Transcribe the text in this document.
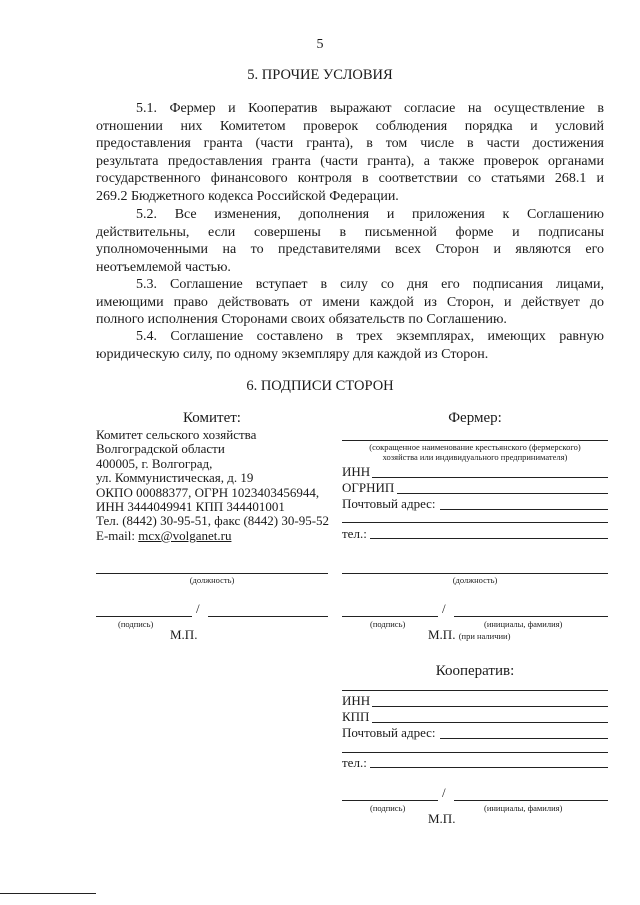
5
5. ПРОЧИЕ УСЛОВИЯ
5.1. Фермер и Кооператив выражают согласие на осуществление в
отношении них Комитетом проверок соблюдения порядка и условий
предоставления гранта (части гранта), в том числе в части достижения
результата предоставления гранта (части гранта), а также проверок органами
государственного финансового контроля в соответствии со статьями 268.1 и
269.2 Бюджетного кодекса Российской Федерации.
5.2. Все изменения, дополнения и приложения к Соглашению
действительны, если совершены в письменной форме и подписаны
уполномоченными на то представителями всех Сторон и являются его
неотъемлемой частью.
5.3. Соглашение вступает в силу со дня его подписания лицами,
имеющими право действовать от имени каждой из Сторон, и действует до
полного исполнения Сторонами своих обязательств по Соглашению.
5.4. Соглашение составлено в трех экземплярах, имеющих равную
юридическую силу, по одному экземпляру для каждой из Сторон.
6. ПОДПИСИ СТОРОН
Комитет:
Комитет сельского хозяйства
Волгоградской области
400005, г. Волгоград,
ул. Коммунистическая, д. 19
ОКПО 00088377, ОГРН 1023403456944,
ИНН 3444049941 КПП 344401001
Тел. (8442) 30-95-51, факс (8442) 30-95-52
E-mail: mcx@volganet.ru
(должность)
/
(подпись)
М.П.
Фермер:
(сокращенное наименование крестьянского (фермерского)
хозяйства или индивидуального предпринимателя)
ИНН
ОГРНИП
Почтовый адрес:
тел.:
(должность)
/
(подпись)	(инициалы, фамилия)
М.П. (при наличии)
Кооператив:
ИНН
КПП
Почтовый адрес:
тел.:
/
(подпись)	(инициалы, фамилия)
М.П.
